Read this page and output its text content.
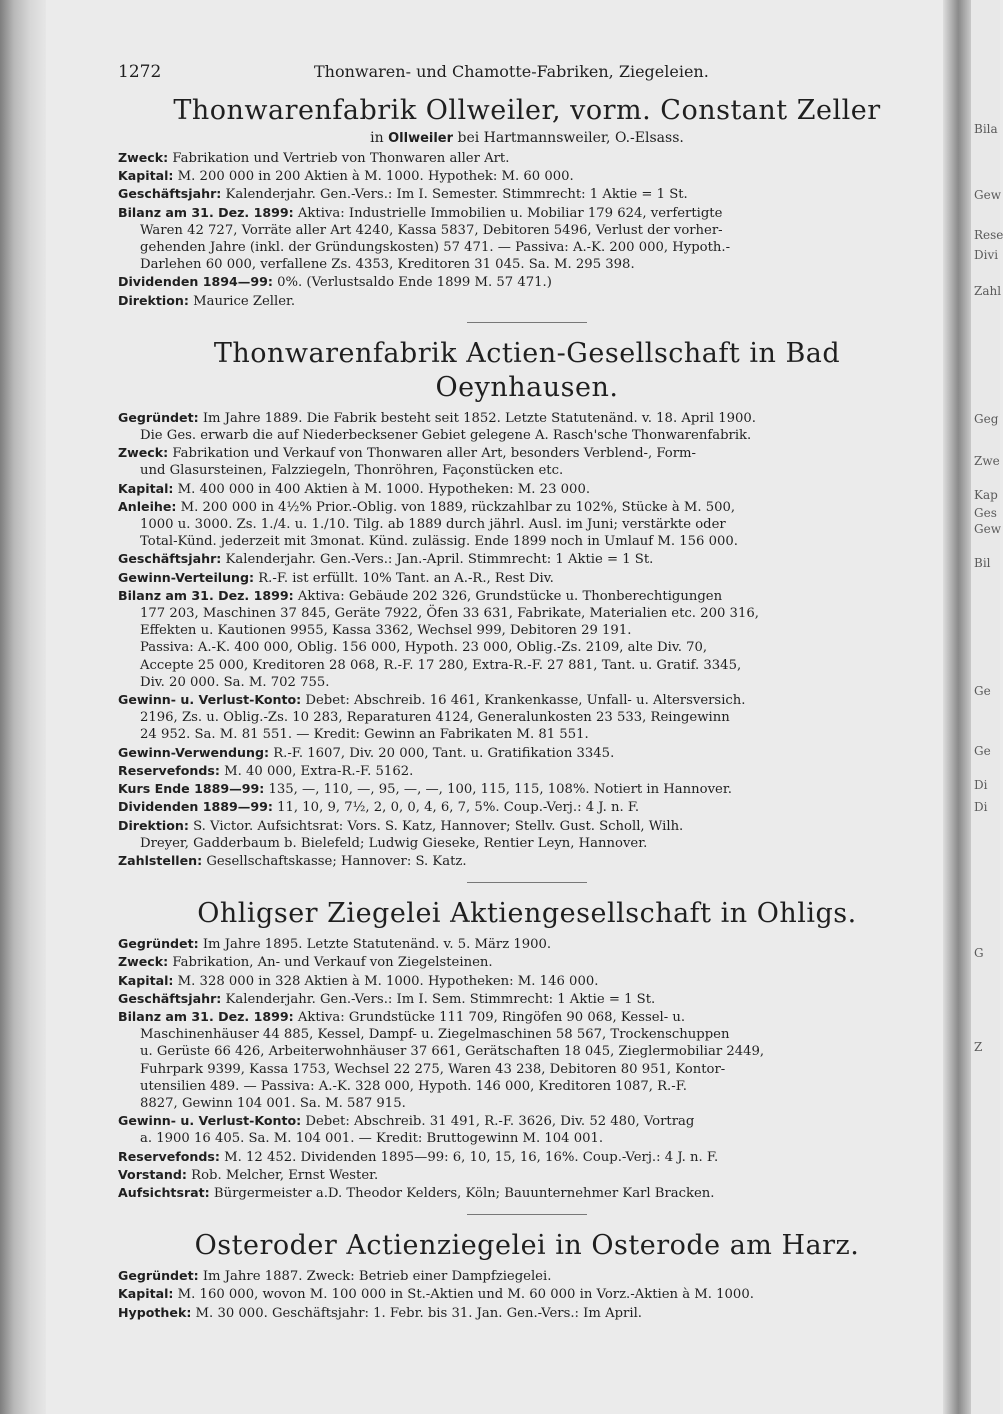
Bila
Gew
Rese
Divi
Zahl
Geg
Zwe
Kap
Ges
Gew
Bil
Ge
Ge
Di
Di
G
Z
1272	Thonwaren- und Chamotte-Fabriken, Ziegeleien.
Thonwarenfabrik Ollweiler, vorm. Constant Zeller
in Ollweiler bei Hartmannsweiler, O.-Elsass.

Zweck: Fabrikation und Vertrieb von Thonwaren aller Art.

Kapital: M. 200 000 in 200 Aktien à M. 1000. Hypothek: M. 60 000.

Geschäftsjahr: Kalenderjahr. Gen.-Vers.: Im I. Semester. Stimmrecht: 1 Aktie = 1 St.

Bilanz am 31. Dez. 1899: Aktiva: Industrielle Immobilien u. Mobiliar 179 624, verfertigte

Waren 42 727, Vorräte aller Art 4240, Kassa 5837, Debitoren 5496, Verlust der vorher-

gehenden Jahre (inkl. der Gründungskosten) 57 471. — Passiva: A.-K. 200 000, Hypoth.-

Darlehen 60 000, verfallene Zs. 4353, Kreditoren 31 045. Sa. M. 295 398.

Dividenden 1894—99: 0%. (Verlustsaldo Ende 1899 M. 57 471.)

Direktion: Maurice Zeller.

Thonwarenfabrik Actien-Gesellschaft in Bad Oeynhausen.

Gegründet: Im Jahre 1889. Die Fabrik besteht seit 1852. Letzte Statutenänd. v. 18. April 1900.

Die Ges. erwarb die auf Niederbecksener Gebiet gelegene A. Rasch'sche Thonwarenfabrik.

Zweck: Fabrikation und Verkauf von Thonwaren aller Art, besonders Verblend-, Form-

und Glasursteinen, Falzziegeln, Thonröhren, Façonstücken etc.

Kapital: M. 400 000 in 400 Aktien à M. 1000. Hypotheken: M. 23 000.

Anleihe: M. 200 000 in 4½% Prior.-Oblig. von 1889, rückzahlbar zu 102%, Stücke à M. 500,

1000 u. 3000. Zs. 1./4. u. 1./10. Tilg. ab 1889 durch jährl. Ausl. im Juni; verstärkte oder

Total-Künd. jederzeit mit 3monat. Künd. zulässig. Ende 1899 noch in Umlauf M. 156 000.

Geschäftsjahr: Kalenderjahr. Gen.-Vers.: Jan.-April. Stimmrecht: 1 Aktie = 1 St.

Gewinn-Verteilung: R.-F. ist erfüllt. 10% Tant. an A.-R., Rest Div.

Bilanz am 31. Dez. 1899: Aktiva: Gebäude 202 326, Grundstücke u. Thonberechtigungen

177 203, Maschinen 37 845, Geräte 7922, Öfen 33 631, Fabrikate, Materialien etc. 200 316,

Effekten u. Kautionen 9955, Kassa 3362, Wechsel 999, Debitoren 29 191.

Passiva: A.-K. 400 000, Oblig. 156 000, Hypoth. 23 000, Oblig.-Zs. 2109, alte Div. 70,

Accepte 25 000, Kreditoren 28 068, R.-F. 17 280, Extra-R.-F. 27 881, Tant. u. Gratif. 3345,

Div. 20 000. Sa. M. 702 755.

Gewinn- u. Verlust-Konto: Debet: Abschreib. 16 461, Krankenkasse, Unfall- u. Altersversich.

2196, Zs. u. Oblig.-Zs. 10 283, Reparaturen 4124, Generalunkosten 23 533, Reingewinn

24 952. Sa. M. 81 551. — Kredit: Gewinn an Fabrikaten M. 81 551.

Gewinn-Verwendung: R.-F. 1607, Div. 20 000, Tant. u. Gratifikation 3345.

Reservefonds: M. 40 000, Extra-R.-F. 5162.

Kurs Ende 1889—99: 135, —, 110, —, 95, —, —, 100, 115, 115, 108%. Notiert in Hannover.

Dividenden 1889—99: 11, 10, 9, 7½, 2, 0, 0, 4, 6, 7, 5%. Coup.-Verj.: 4 J. n. F.

Direktion: S. Victor. Aufsichtsrat: Vors. S. Katz, Hannover; Stellv. Gust. Scholl, Wilh.

Dreyer, Gadderbaum b. Bielefeld; Ludwig Gieseke, Rentier Leyn, Hannover.

Zahlstellen: Gesellschaftskasse; Hannover: S. Katz.

Ohligser Ziegelei Aktiengesellschaft in Ohligs.

Gegründet: Im Jahre 1895. Letzte Statutenänd. v. 5. März 1900.

Zweck: Fabrikation, An- und Verkauf von Ziegelsteinen.

Kapital: M. 328 000 in 328 Aktien à M. 1000. Hypotheken: M. 146 000.

Geschäftsjahr: Kalenderjahr. Gen.-Vers.: Im I. Sem. Stimmrecht: 1 Aktie = 1 St.

Bilanz am 31. Dez. 1899: Aktiva: Grundstücke 111 709, Ringöfen 90 068, Kessel- u.

Maschinenhäuser 44 885, Kessel, Dampf- u. Ziegelmaschinen 58 567, Trockenschuppen

u. Gerüste 66 426, Arbeiterwohnhäuser 37 661, Gerätschaften 18 045, Zieglermobiliar 2449,

Fuhrpark 9399, Kassa 1753, Wechsel 22 275, Waren 43 238, Debitoren 80 951, Kontor-

utensilien 489. — Passiva: A.-K. 328 000, Hypoth. 146 000, Kreditoren 1087, R.-F.

8827, Gewinn 104 001. Sa. M. 587 915.

Gewinn- u. Verlust-Konto: Debet: Abschreib. 31 491, R.-F. 3626, Div. 52 480, Vortrag

a. 1900 16 405. Sa. M. 104 001. — Kredit: Bruttogewinn M. 104 001.

Reservefonds: M. 12 452. Dividenden 1895—99: 6, 10, 15, 16, 16%. Coup.-Verj.: 4 J. n. F.

Vorstand: Rob. Melcher, Ernst Wester.

Aufsichtsrat: Bürgermeister a.D. Theodor Kelders, Köln; Bauunternehmer Karl Bracken.

Osteroder Actienziegelei in Osterode am Harz.

Gegründet: Im Jahre 1887. Zweck: Betrieb einer Dampfziegelei.

Kapital: M. 160 000, wovon M. 100 000 in St.-Aktien und M. 60 000 in Vorz.-Aktien à M. 1000.

Hypothek: M. 30 000. Geschäftsjahr: 1. Febr. bis 31. Jan. Gen.-Vers.: Im April.
